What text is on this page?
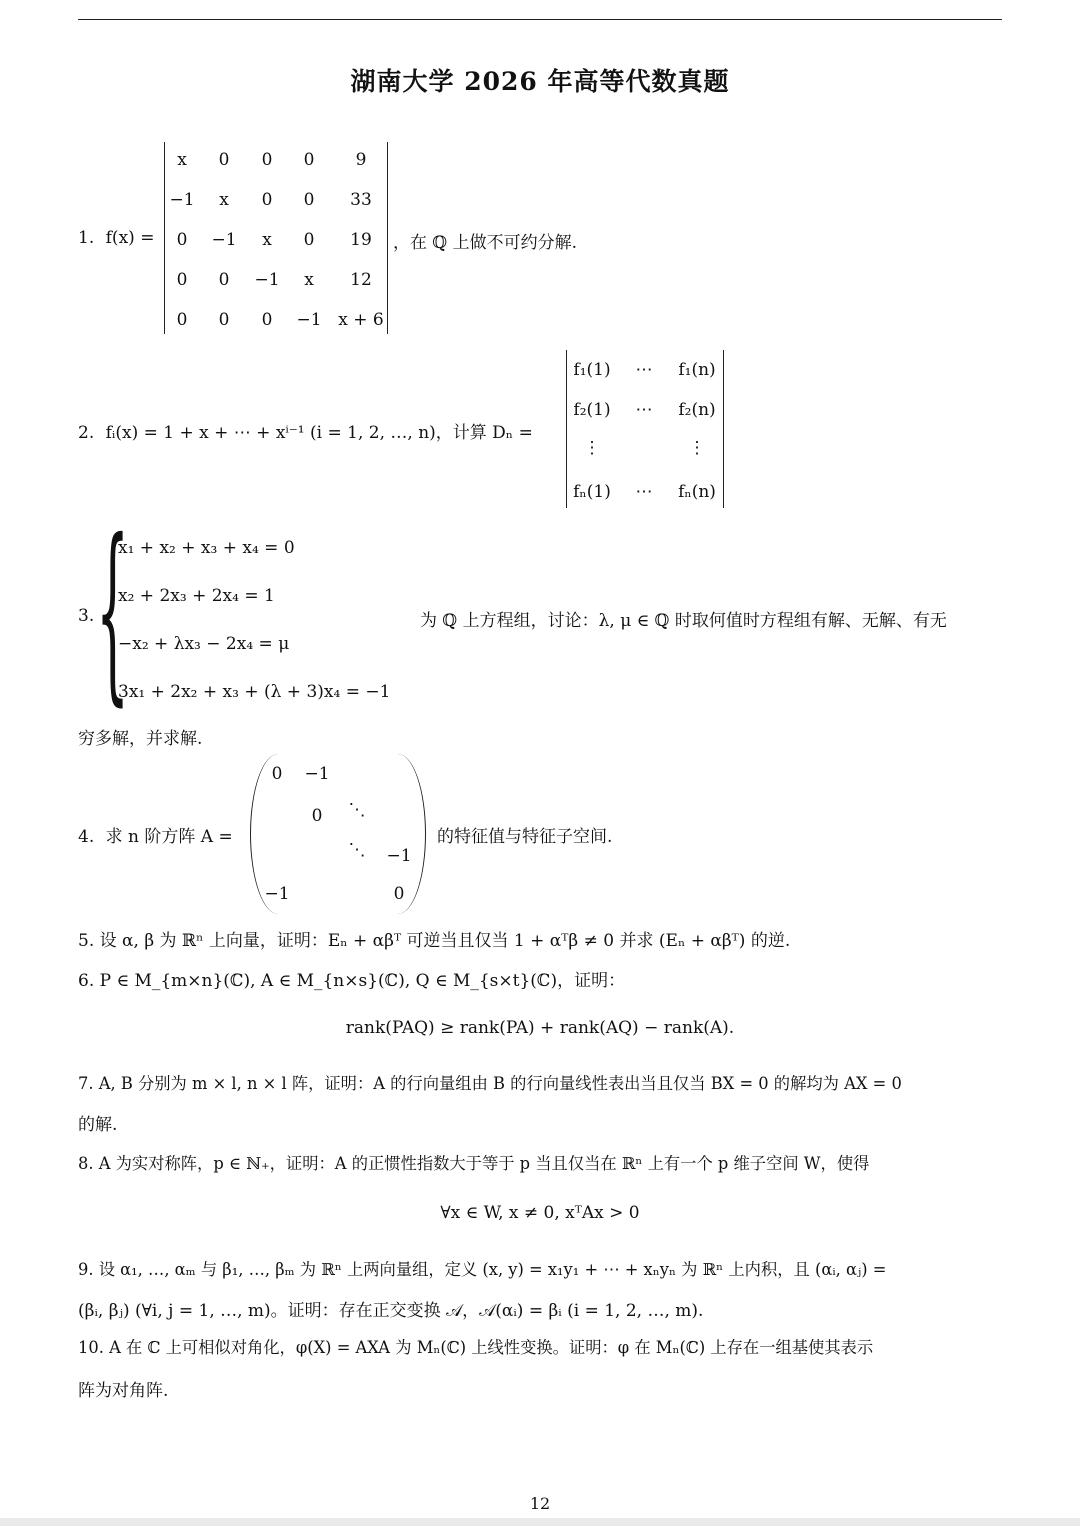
湖南大学 2026 年高等代数真题
1. f(x) =
x 0 0 0 9
−1 x 0 0 33
0 −1 x 0 19
0 0 −1 x 12
0 0 0 −1 x + 6
，在 ℚ 上做不可约分解.
2. fᵢ(x) = 1 + x + ⋯ + xⁱ⁻¹ (i = 1, 2, …, n)，计算 Dₙ =
f₁(1) ⋯ f₁(n)
f₂(1) ⋯ f₂(n)
⋮	⋮
fₙ(1) ⋯ fₙ(n)
3. {
x₁ + x₂ + x₃ + x₄ = 0
x₂ + 2x₃ + 2x₄ = 1
−x₂ + λx₃ − 2x₄ = μ
3x₁ + 2x₂ + x₃ + (λ + 3)x₄ = −1
为 ℚ 上方程组，讨论：λ, μ ∈ ℚ 时取何值时方程组有解、无解、有无
穷多解，并求解.
4. 求 n 阶方阵 A =
0 −1
0 ⋱
⋱ −1
−1	0
的特征值与特征子空间.
5. 设 α, β 为 ℝⁿ 上向量，证明：Eₙ + αβᵀ 可逆当且仅当 1 + αᵀβ ≠ 0 并求 (Eₙ + αβᵀ) 的逆.
6. P ∈ M_{m×n}(ℂ), A ∈ M_{n×s}(ℂ), Q ∈ M_{s×t}(ℂ)，证明：
rank(PAQ) ≥ rank(PA) + rank(AQ) − rank(A).
7. A, B 分别为 m × l, n × l 阵，证明：A 的行向量组由 B 的行向量线性表出当且仅当 BX = 0 的解均为 AX = 0
的解.
8. A 为实对称阵，p ∈ ℕ₊，证明：A 的正惯性指数大于等于 p 当且仅当在 ℝⁿ 上有一个 p 维子空间 W，使得
∀x ∈ W, x ≠ 0, xᵀAx > 0
9. 设 α₁, …, αₘ 与 β₁, …, βₘ 为 ℝⁿ 上两向量组，定义 (x, y) = x₁y₁ + ⋯ + xₙyₙ 为 ℝⁿ 上内积，且 (αᵢ, αⱼ) =
(βᵢ, βⱼ) (∀i, j = 1, …, m)。证明：存在正交变换 𝒜，𝒜(αᵢ) = βᵢ (i = 1, 2, …, m).
10. A 在 ℂ 上可相似对角化，φ(X) = AXA 为 Mₙ(ℂ) 上线性变换。证明：φ 在 Mₙ(ℂ) 上存在一组基使其表示
阵为对角阵.
12
